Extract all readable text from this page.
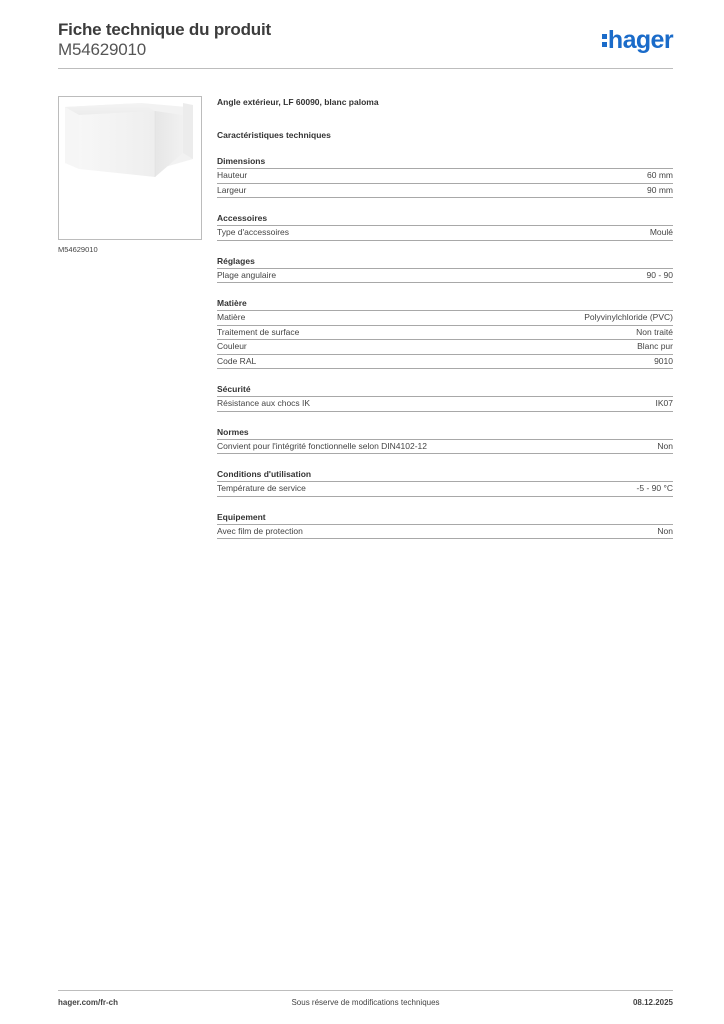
Fiche technique du produit
M54629010	hager
M54629010
Angle extérieur, LF 60090, blanc paloma
Caractéristiques techniques
Dimensions
Hauteur	60 mm
Largeur	90 mm
Accessoires
Type d'accessoires	Moulé
Réglages
Plage angulaire	90 - 90
Matière
Matière	Polyvinylchloride (PVC)
Traitement de surface	Non traité
Couleur	Blanc pur
Code RAL	9010
Sécurité
Résistance aux chocs IK	IK07
Normes
Convient pour l'intégrité fonctionnelle selon DIN4102-12	Non
Conditions d'utilisation
Température de service	-5 - 90 °C
Equipement
Avec film de protection	Non
hager.com/fr-ch	Sous réserve de modifications techniques	08.12.2025
